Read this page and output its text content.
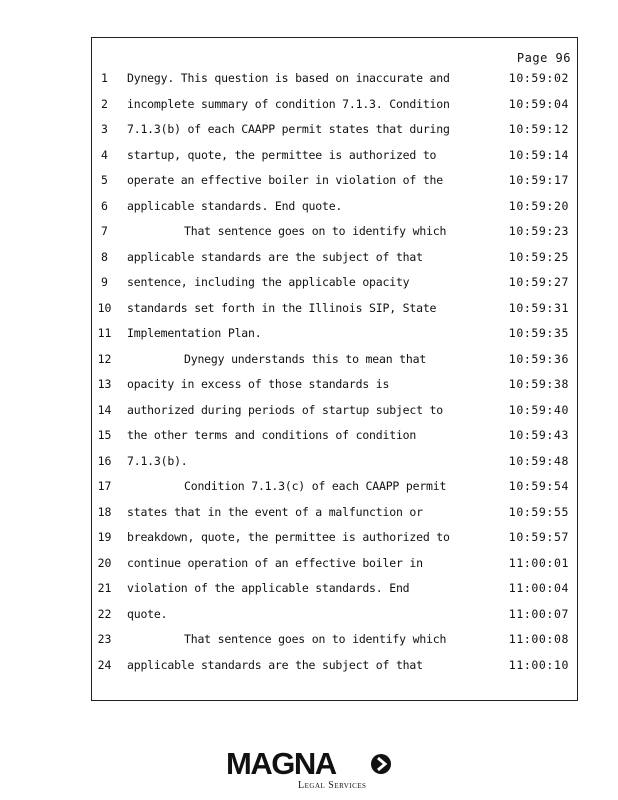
Page 96
1	Dynegy. This question is based on inaccurate and	10:59:02
2	incomplete summary of condition 7.1.3. Condition	10:59:04
3	7.1.3(b) of each CAAPP permit states that during	10:59:12
4	startup, quote, the permittee is authorized to	10:59:14
5	operate an effective boiler in violation of the	10:59:17
6	applicable standards. End quote.	10:59:20
7	That sentence goes on to identify which	10:59:23
8	applicable standards are the subject of that	10:59:25
9	sentence, including the applicable opacity	10:59:27
10	standards set forth in the Illinois SIP, State	10:59:31
11	Implementation Plan.	10:59:35
12	Dynegy understands this to mean that	10:59:36
13	opacity in excess of those standards is	10:59:38
14	authorized during periods of startup subject to	10:59:40
15	the other terms and conditions of condition	10:59:43
16	7.1.3(b).	10:59:48
17	Condition 7.1.3(c) of each CAAPP permit	10:59:54
18	states that in the event of a malfunction or	10:59:55
19	breakdown, quote, the permittee is authorized to	10:59:57
20	continue operation of an effective boiler in	11:00:01
21	violation of the applicable standards. End	11:00:04
22	quote.	11:00:07
23	That sentence goes on to identify which	11:00:08
24	applicable standards are the subject of that	11:00:10
MAGNA
Legal Services
